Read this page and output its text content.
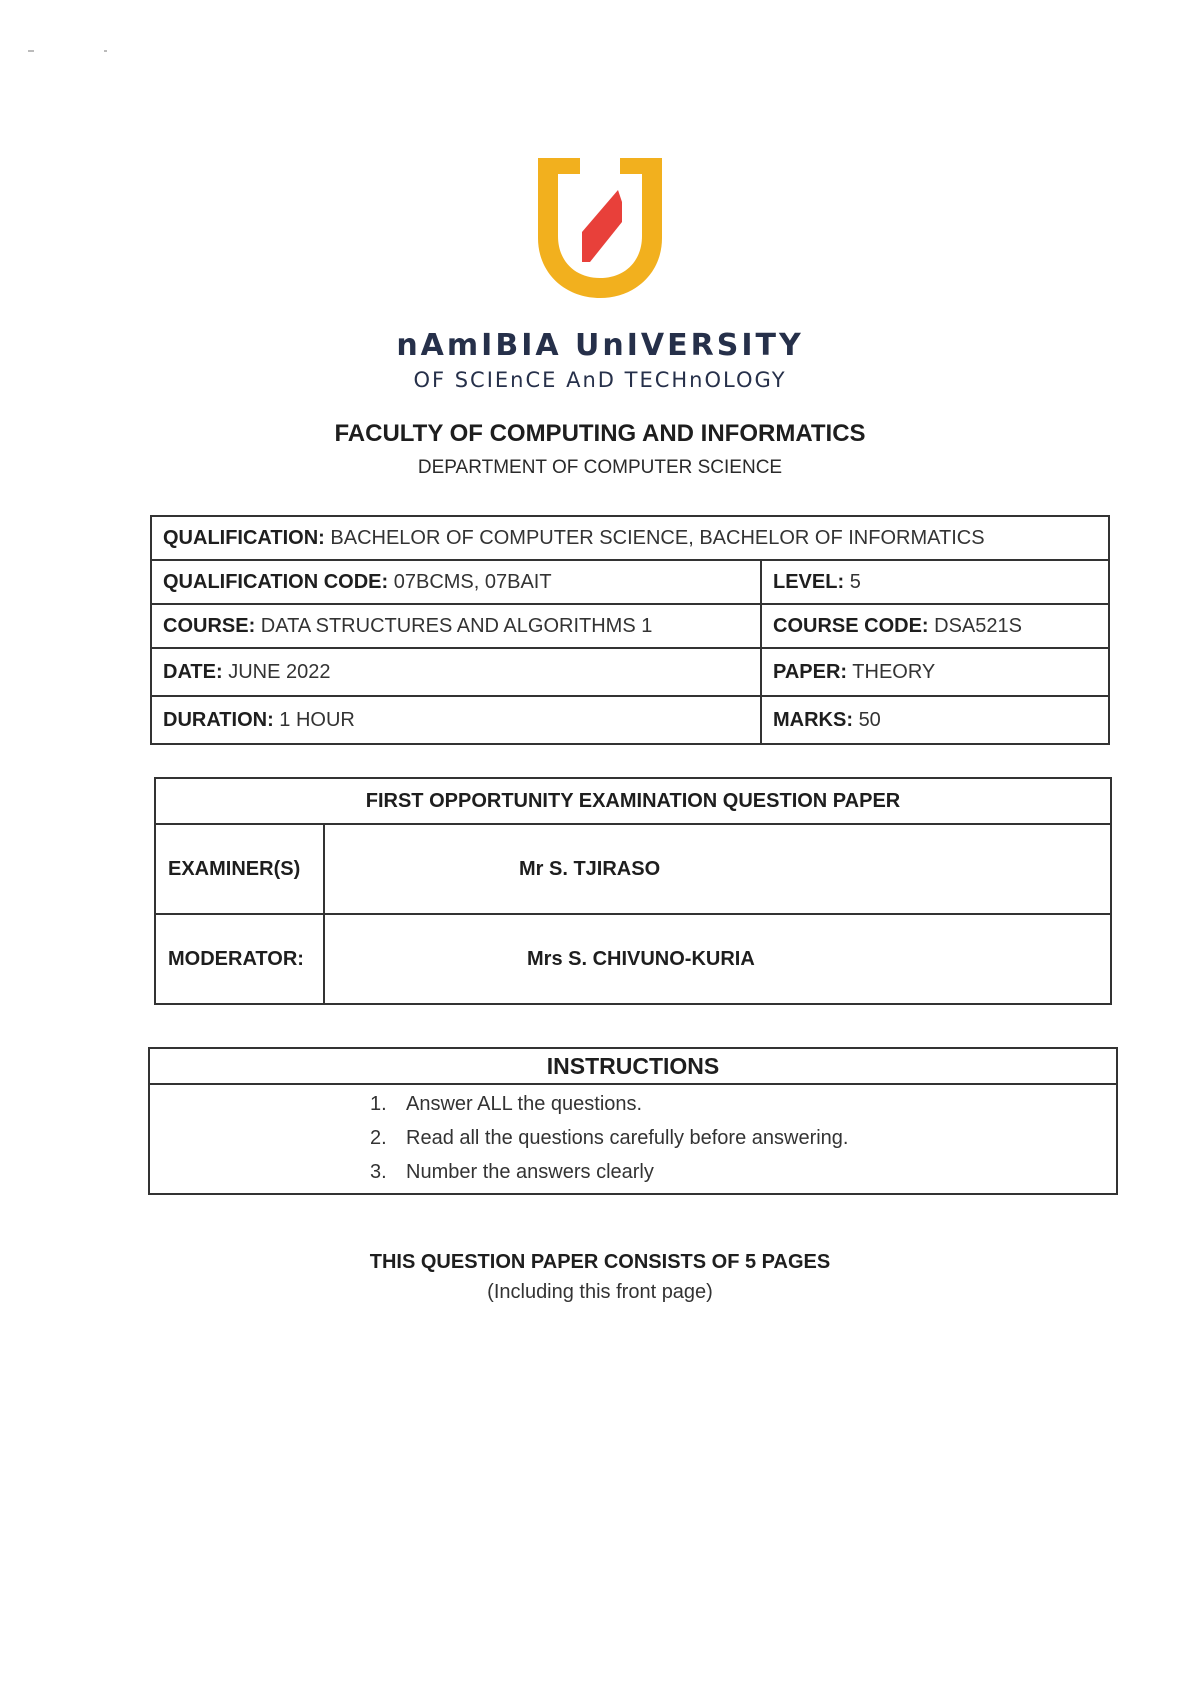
nAmIBIA UnIVERSITY
OF SCIEnCE AnD TECHnOLOGY
FACULTY OF COMPUTING AND INFORMATICS
DEPARTMENT OF COMPUTER SCIENCE
QUALIFICATION: BACHELOR OF COMPUTER SCIENCE, BACHELOR OF INFORMATICS	
QUALIFICATION CODE: 07BCMS, 07BAIT	LEVEL: 5
COURSE: DATA STRUCTURES AND ALGORITHMS 1	COURSE CODE: DSA521S
DATE: JUNE 2022	PAPER: THEORY
DURATION: 1 HOUR	MARKS: 50
FIRST OPPORTUNITY EXAMINATION QUESTION PAPER	
EXAMINER(S)	Mr S. TJIRASO
MODERATOR:	Mrs S. CHIVUNO-KURIA
INSTRUCTIONS
1. Answer ALL the questions.
2. Read all the questions carefully before answering.
3. Number the answers clearly
THIS QUESTION PAPER CONSISTS OF 5 PAGES
(Including this front page)
